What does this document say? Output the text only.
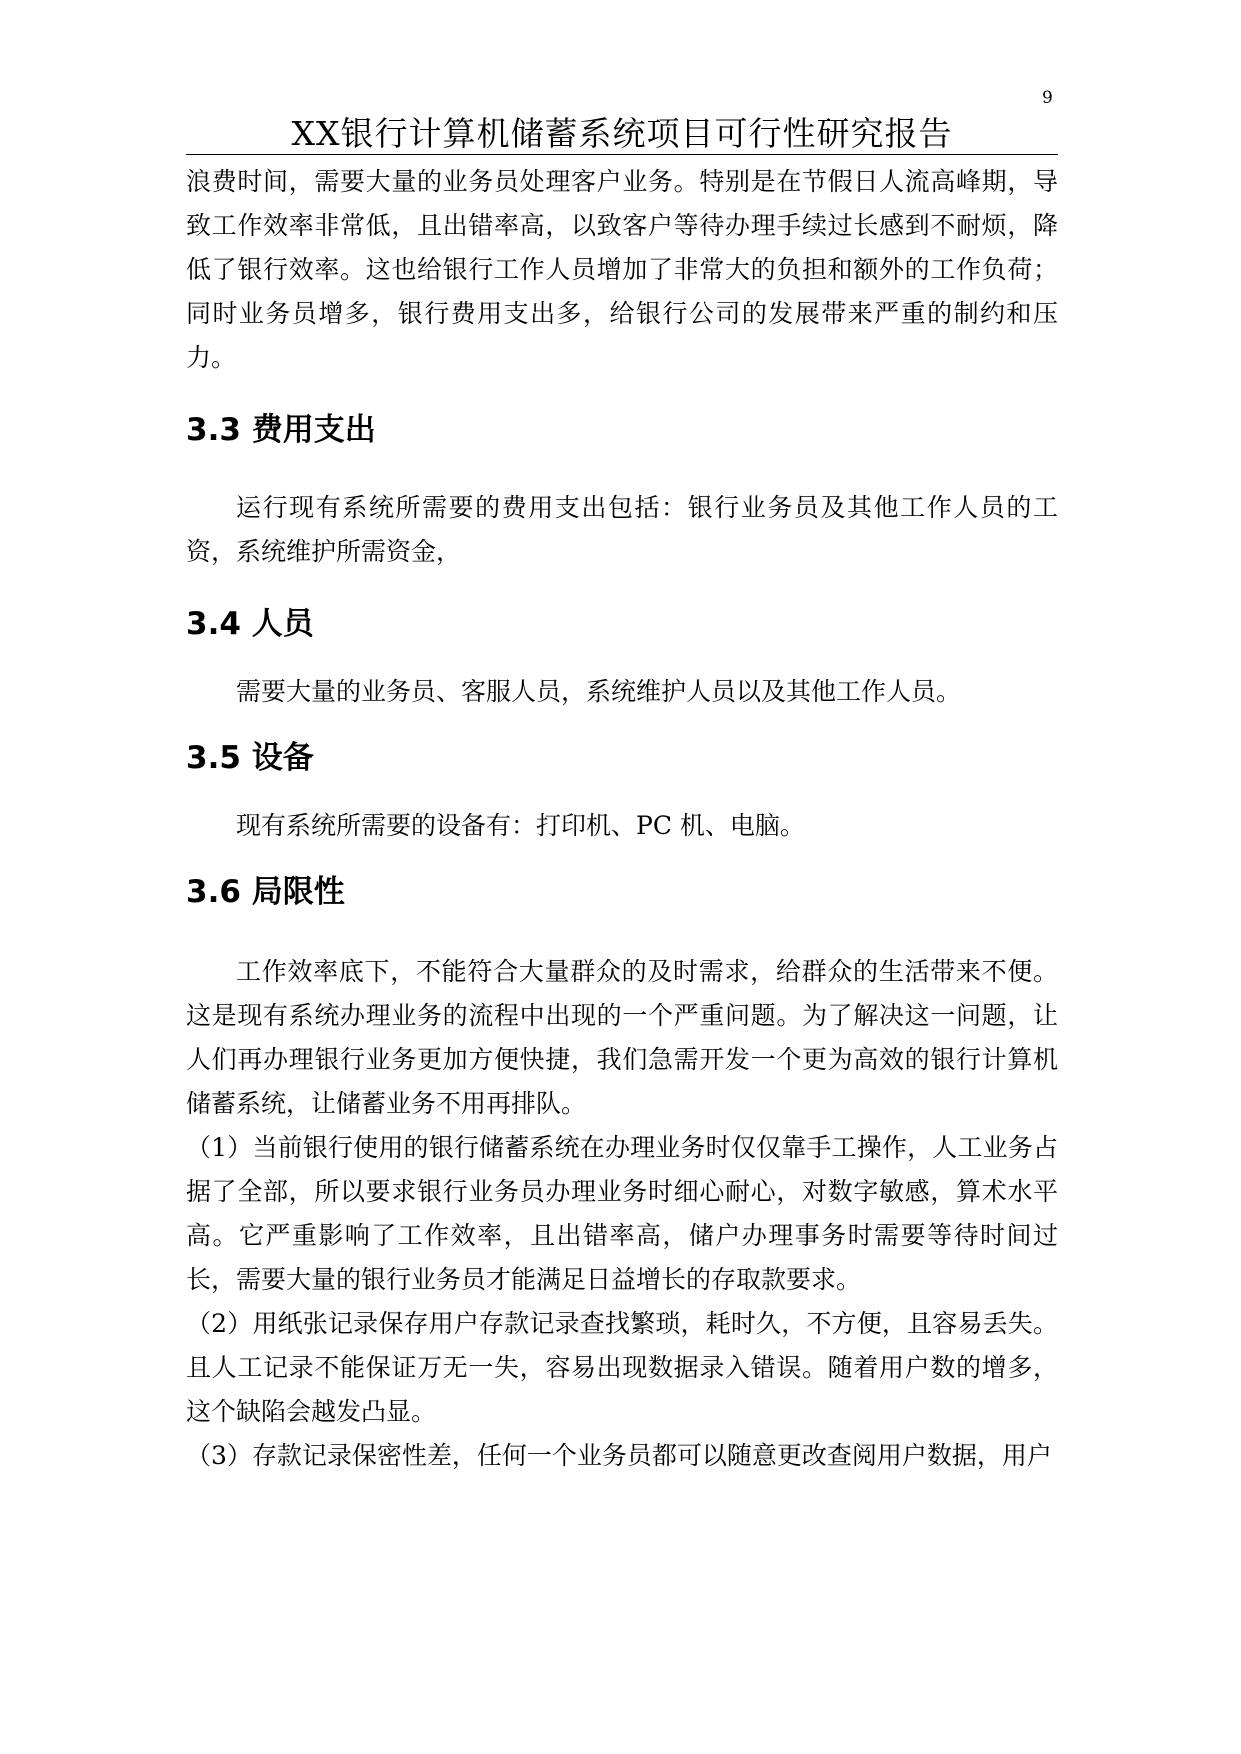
9
XX银行计算机储蓄系统项目可行性研究报告

浪费时间，需要大量的业务员处理客户业务。特别是在节假日人流高峰期，导致工作效率非常低，且出错率高，以致客户等待办理手续过长感到不耐烦，降低了银行效率。这也给银行工作人员增加了非常大的负担和额外的工作负荷；同时业务员增多，银行费用支出多，给银行公司的发展带来严重的制约和压力。

3.3 费用支出

运行现有系统所需要的费用支出包括：银行业务员及其他工作人员的工资，系统维护所需资金，

3.4 人员

需要大量的业务员、客服人员，系统维护人员以及其他工作人员。

3.5 设备

现有系统所需要的设备有：打印机、PC 机、电脑。

3.6 局限性

工作效率底下，不能符合大量群众的及时需求，给群众的生活带来不便。这是现有系统办理业务的流程中出现的一个严重问题。为了解决这一问题，让人们再办理银行业务更加方便快捷，我们急需开发一个更为高效的银行计算机储蓄系统，让储蓄业务不用再排队。

（1）当前银行使用的银行储蓄系统在办理业务时仅仅靠手工操作，人工业务占据了全部，所以要求银行业务员办理业务时细心耐心，对数字敏感，算术水平高。它严重影响了工作效率，且出错率高，储户办理事务时需要等待时间过长，需要大量的银行业务员才能满足日益增长的存取款要求。

（2）用纸张记录保存用户存款记录查找繁琐，耗时久，不方便，且容易丢失。且人工记录不能保证万无一失，容易出现数据录入错误。随着用户数的增多，这个缺陷会越发凸显。

（3）存款记录保密性差，任何一个业务员都可以随意更改查阅用户数据，用户
